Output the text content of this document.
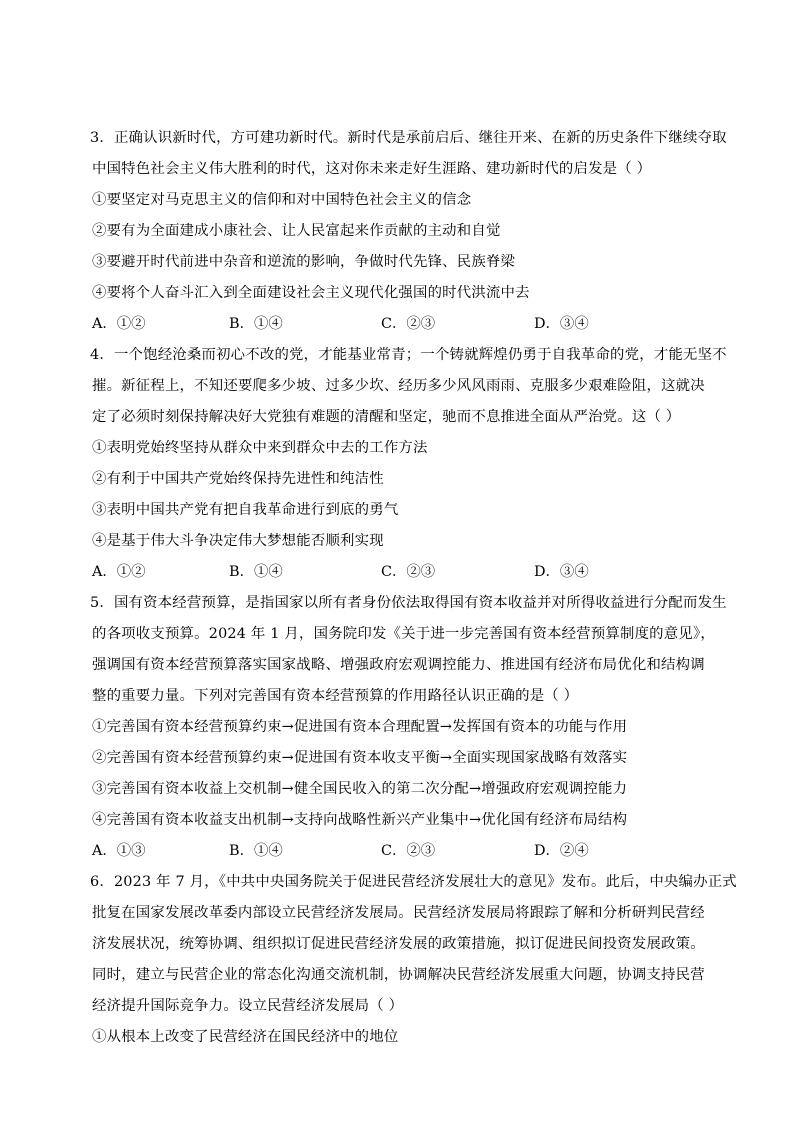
3．正确认识新时代，方可建功新时代。新时代是承前启后、继往开来、在新的历史条件下继续夺取
中国特色社会主义伟大胜利的时代，这对你未来走好生涯路、建功新时代的启发是（ ）
①要坚定对马克思主义的信仰和对中国特色社会主义的信念
②要有为全面建成小康社会、让人民富起来作贡献的主动和自觉
③要避开时代前进中杂音和逆流的影响，争做时代先锋、民族脊梁
④要将个人奋斗汇入到全面建设社会主义现代化强国的时代洪流中去
A．①②	B．①④	C．②③	D．③④
4．一个饱经沧桑而初心不改的党，才能基业常青；一个铸就辉煌仍勇于自我革命的党，才能无坚不
摧。新征程上，不知还要爬多少坡、过多少坎、经历多少风风雨雨、克服多少艰难险阻，这就决
定了必须时刻保持解决好大党独有难题的清醒和坚定，驰而不息推进全面从严治党。这（ ）
①表明党始终坚持从群众中来到群众中去的工作方法
②有利于中国共产党始终保持先进性和纯洁性
③表明中国共产党有把自我革命进行到底的勇气
④是基于伟大斗争决定伟大梦想能否顺利实现
A．①②	B．①④	C．②③	D．③④
5．国有资本经营预算，是指国家以所有者身份依法取得国有资本收益并对所得收益进行分配而发生
的各项收支预算。2024 年 1 月，国务院印发《关于进一步完善国有资本经营预算制度的意见》，
强调国有资本经营预算落实国家战略、增强政府宏观调控能力、推进国有经济布局优化和结构调
整的重要力量。下列对完善国有资本经营预算的作用路径认识正确的是（ ）
①完善国有资本经营预算约束→促进国有资本合理配置→发挥国有资本的功能与作用
②完善国有资本经营预算约束→促进国有资本收支平衡→全面实现国家战略有效落实
③完善国有资本收益上交机制→健全国民收入的第二次分配→增强政府宏观调控能力
④完善国有资本收益支出机制→支持向战略性新兴产业集中→优化国有经济布局结构
A．①③	B．①④	C．②③	D．②④
6．2023 年 7 月，《中共中央国务院关于促进民营经济发展壮大的意见》发布。此后，中央编办正式
批复在国家发展改革委内部设立民营经济发展局。民营经济发展局将跟踪了解和分析研判民营经
济发展状况，统筹协调、组织拟订促进民营经济发展的政策措施，拟订促进民间投资发展政策。
同时，建立与民营企业的常态化沟通交流机制，协调解决民营经济发展重大问题，协调支持民营
经济提升国际竞争力。设立民营经济发展局（ ）
①从根本上改变了民营经济在国民经济中的地位
